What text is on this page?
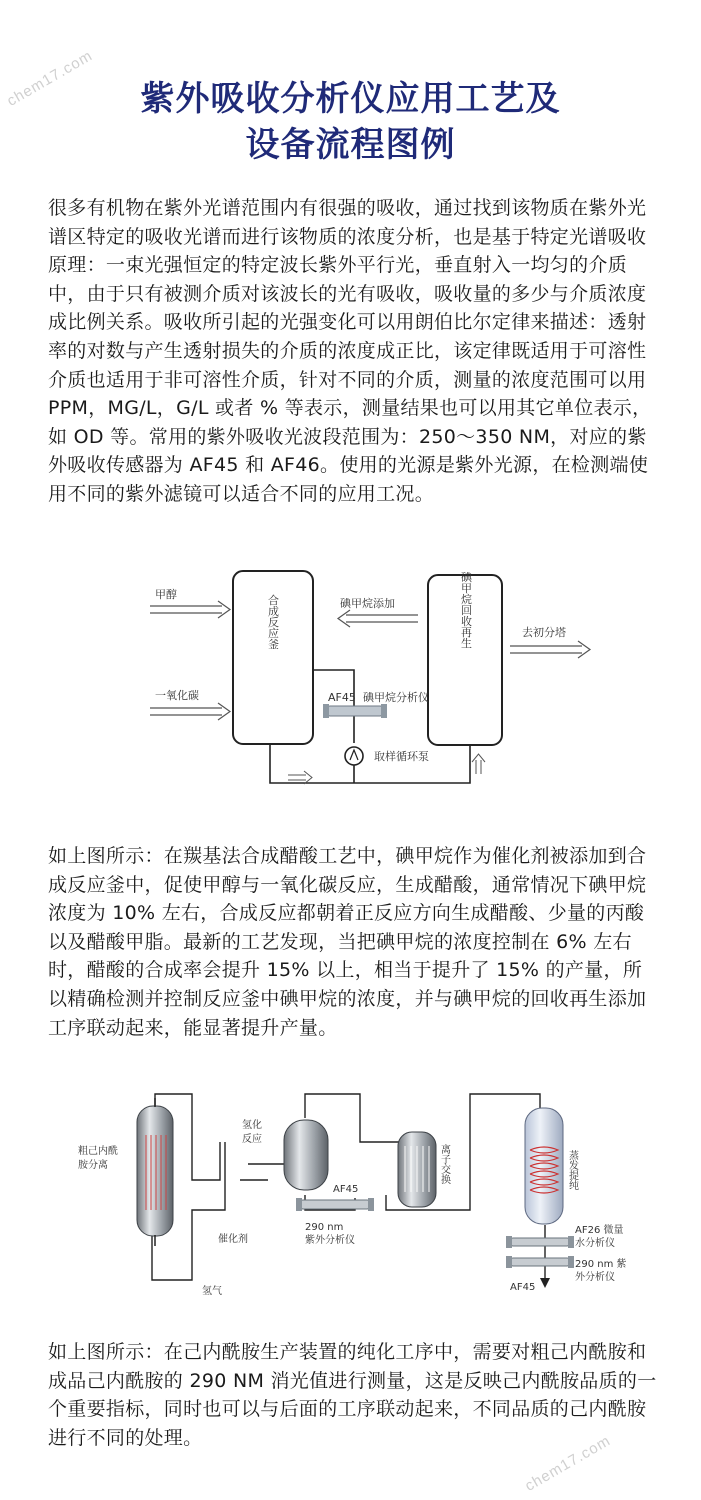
chem17.com
chem17.com
紫外吸收分析仪应用工艺及
设备流程图例

很多有机物在紫外光谱范围内有很强的吸收，通过找到该物质在紫外光谱区特定的吸收光谱而进行该物质的浓度分析，也是基于特定光谱吸收原理：一束光强恒定的特定波长紫外平行光，垂直射入一均匀的介质中，由于只有被测介质对该波长的光有吸收，吸收量的多少与介质浓度成比例关系。吸收所引起的光强变化可以用朗伯比尔定律来描述：透射率的对数与产生透射损失的介质的浓度成正比，该定律既适用于可溶性介质也适用于非可溶性介质，针对不同的介质，测量的浓度范围可以用 PPM，MG/L，G/L 或者 % 等表示，测量结果也可以用其它单位表示，如 OD 等。常用的紫外吸收光波段范围为：250～350 NM，对应的紫外吸收传感器为 AF45 和 AF46。使用的光源是紫外光源，在检测端使用不同的紫外滤镜可以适合不同的应用工况。

甲醇
一氧化碳
碘甲烷添加
去初分塔
合成反应釜	碘甲烷回收再生
AF45 碘甲烷分析仪
取样循环泵

如上图所示：在羰基法合成醋酸工艺中，碘甲烷作为催化剂被添加到合成反应釜中，促使甲醇与一氧化碳反应，生成醋酸，通常情况下碘甲烷浓度为 10% 左右，合成反应都朝着正反应方向生成醋酸、少量的丙酸以及醋酸甲脂。最新的工艺发现，当把碘甲烷的浓度控制在 6% 左右时，醋酸的合成率会提升 15% 以上，相当于提升了 15% 的产量，所以精确检测并控制反应釜中碘甲烷的浓度，并与碘甲烷的回收再生添加工序联动起来，能显著提升产量。

粗己内酰 胺分离
氢化 反应
催化剂
氢气
AF45
290 nm 紫外分析仪
离子交换	蒸发提纯
AF26 微量 水分析仪
290 nm 紫 外分析仪
AF45

如上图所示：在己内酰胺生产装置的纯化工序中，需要对粗己内酰胺和成品己内酰胺的 290 NM 消光值进行测量，这是反映己内酰胺品质的一个重要指标，同时也可以与后面的工序联动起来，不同品质的己内酰胺进行不同的处理。
